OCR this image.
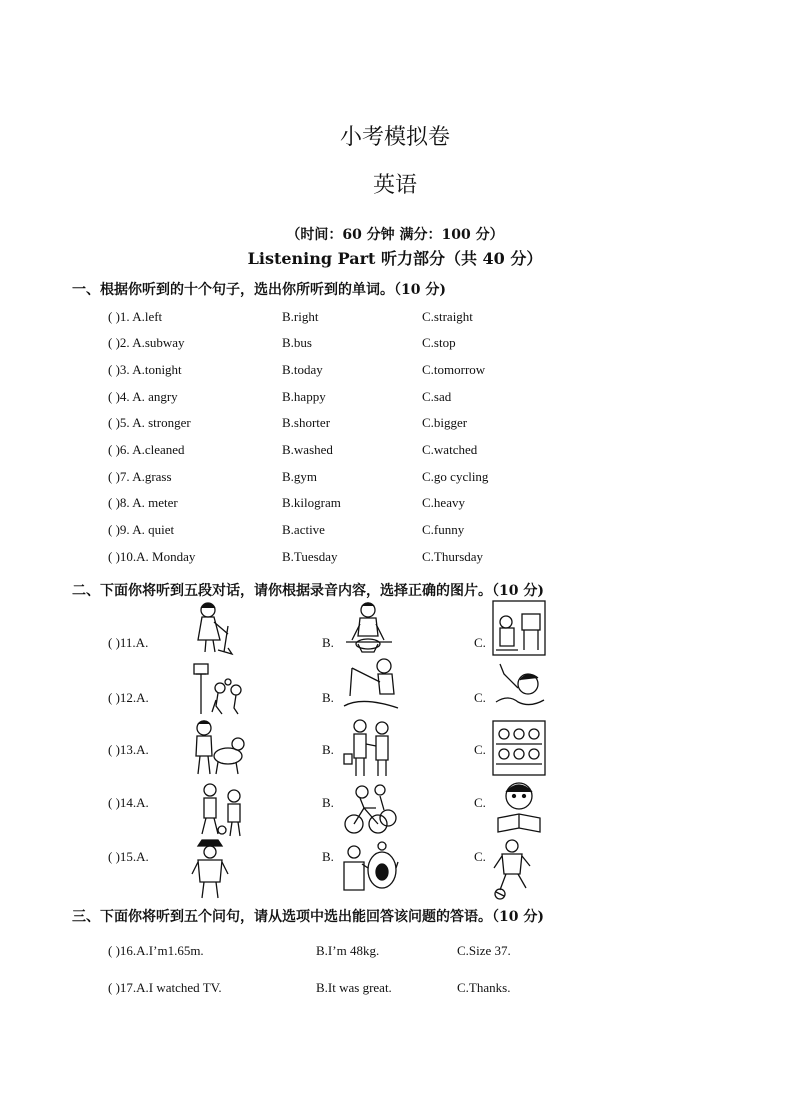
小考模拟卷
英语
（时间：60 分钟 满分：100 分）
Listening Part 听力部分（共 40 分）
一、根据你听到的十个句子，选出你所听到的单词。（10 分)
( )1. A.left	B.right	C.straight
( )2. A.subway	B.bus	C.stop
( )3. A.tonight	B.today	C.tomorrow
( )4. A. angry	B.happy	C.sad
( )5. A. stronger	B.shorter	C.bigger
( )6. A.cleaned	B.washed	C.watched
( )7. A.grass	B.gym	C.go cycling
( )8. A. meter	B.kilogram	C.heavy
( )9. A. quiet	B.active	C.funny
( )10.A. Monday	B.Tuesday	C.Thursday
二、下面你将听到五段对话，请你根据录音内容，选择正确的图片。（10 分)
( )11.A.	B.	C.
( )12.A.	B.	C.
( )13.A.	B.	C.
( )14.A.	B.	C.
( )15.A.	B.	C.
三、下面你将听到五个问句，请从选项中选出能回答该问题的答语。（10 分)
( )16.A.I’m1.65m.	B.I’m 48kg.	C.Size 37.
( )17.A.I watched TV.	B.It was great.	C.Thanks.
